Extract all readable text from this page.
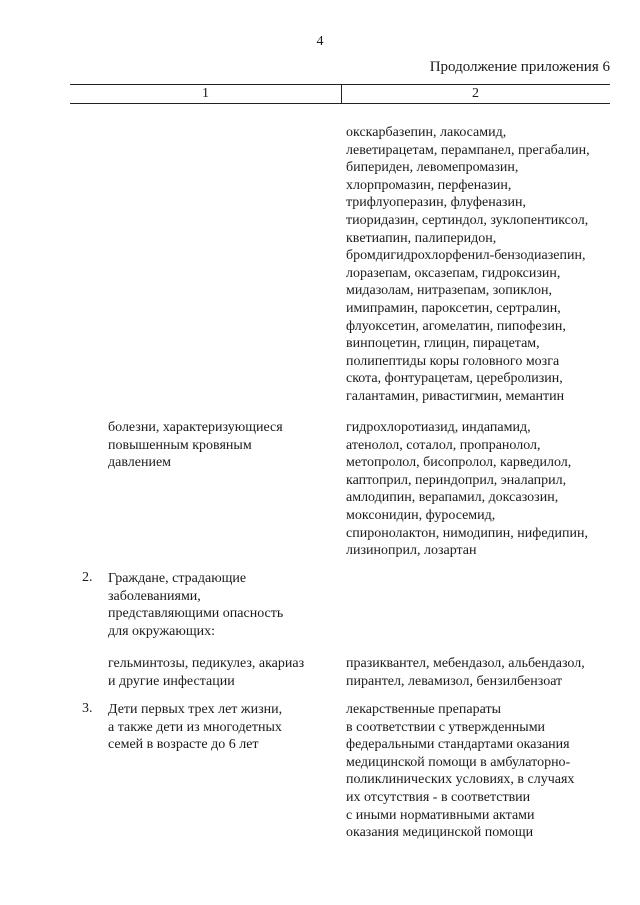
4
Продолжение приложения 6
1	2
окскарбазепин, лакосамид,
леветирацетам, перампанел, прегабалин,
бипериден, левомепромазин,
хлорпромазин, перфеназин,
трифлуоперазин, флуфеназин,
тиоридазин, сертиндол, зуклопентиксол,
кветиапин, палиперидон,
бромдигидрохлорфенил-бензодиазепин,
лоразепам, оксазепам, гидроксизин,
мидазолам, нитразепам, зопиклон,
имипрамин, пароксетин, сертралин,
флуоксетин, агомелатин, пипофезин,
винпоцетин, глицин, пирацетам,
полипептиды коры головного мозга
скота, фонтурацетам, церебролизин,
галантамин, ривастигмин, мемантин
болезни, характеризующиеся
повышенным кровяным
давлением
гидрохлоротиазид, индапамид,
атенолол, соталол, пропранолол,
метопролол, бисопролол, карведилол,
каптоприл, периндоприл, эналаприл,
амлодипин, верапамил, доксазозин,
моксонидин, фуросемид,
спиронолактон, нимодипин, нифедипин,
лизиноприл, лозартан
2. Граждане, страдающие
заболеваниями,
представляющими опасность
для окружающих:
гельминтозы, педикулез, акариаз
и другие инфестации
празиквантел, мебендазол, альбендазол,
пирантел, левамизол, бензилбензоат
3. Дети первых трех лет жизни,
а также дети из многодетных
семей в возрасте до 6 лет
лекарственные препараты
в соответствии с утвержденными
федеральными стандартами оказания
медицинской помощи в амбулаторно-
поликлинических условиях, в случаях
их отсутствия - в соответствии
с иными нормативными актами
оказания медицинской помощи
